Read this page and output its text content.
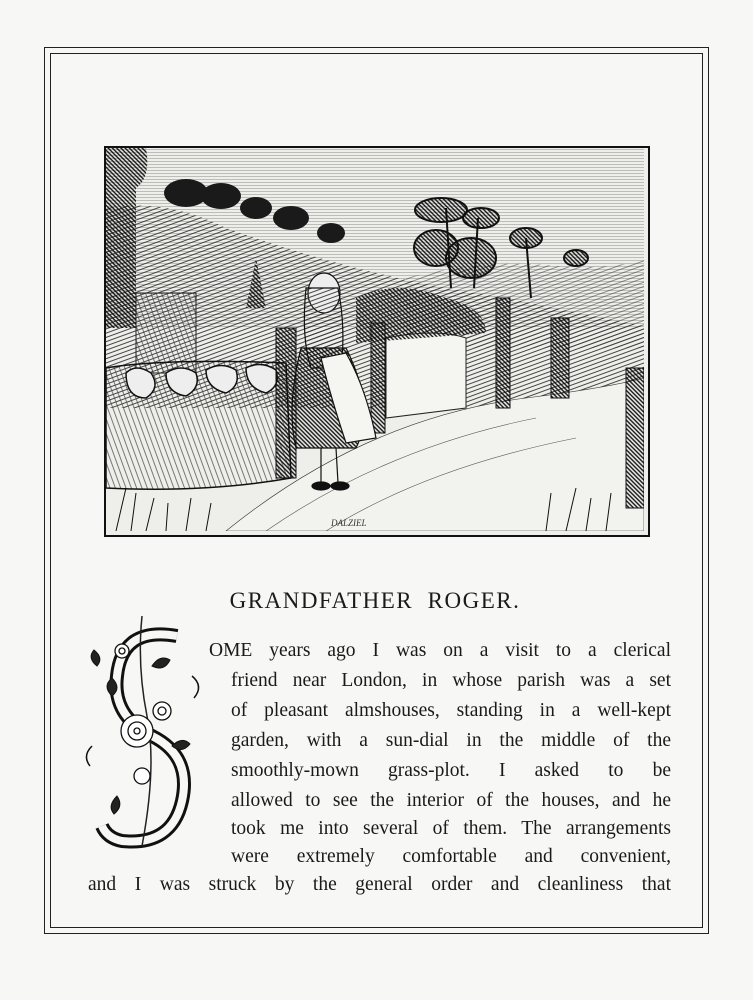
DALZIEL
GRANDFATHER  ROGER.
OME years ago I was on a visit to a clerical
friend near London, in whose parish was a set
of pleasant almshouses, standing in a well-kept
garden, with a sun-dial in the middle of the
smoothly-mown grass-plot. I asked to be
allowed to see the interior of the houses, and he
took me into several of them. The arrangements
were extremely comfortable and convenient,
and I was struck by the general order and cleanliness that
